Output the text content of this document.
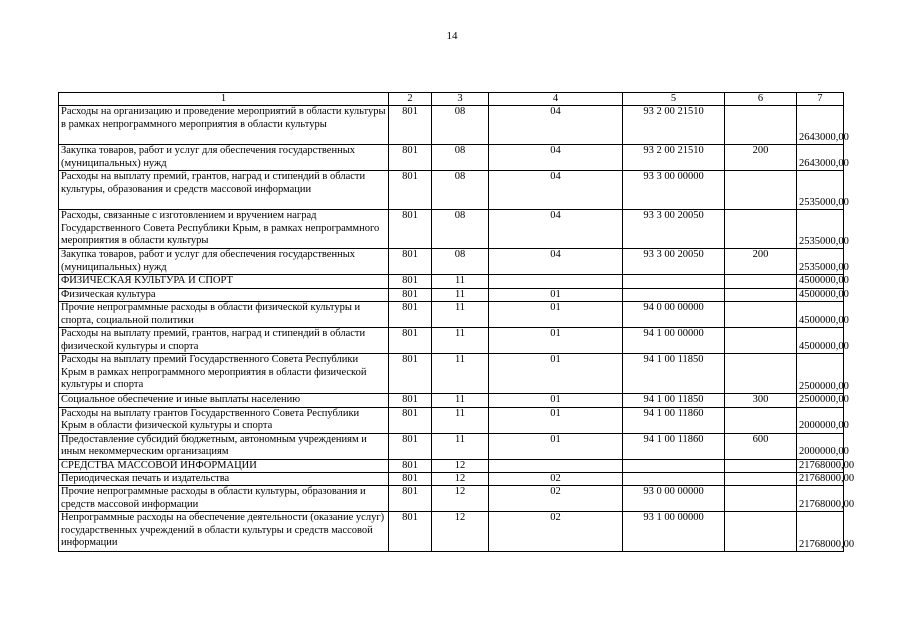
14
1	2	3	4	5	6	7
Расходы на организацию и проведение мероприятий в области культуры в рамках непрограммного мероприятия в области культуры	801	08	04	93 2 00 21510		2643000,00
Закупка товаров, работ и услуг для обеспечения государственных (муниципальных) нужд	801	08	04	93 2 00 21510	200	2643000,00
Расходы на выплату премий, грантов, наград и стипендий в области культуры, образования и средств массовой информации	801	08	04	93 3 00 00000		2535000,00
Расходы, связанные с изготовлением и вручением наград Государственного Совета Республики Крым, в рамках непрограммного мероприятия в области культуры	801	08	04	93 3 00 20050		2535000,00
Закупка товаров, работ и услуг для обеспечения государственных (муниципальных) нужд	801	08	04	93 3 00 20050	200	2535000,00
ФИЗИЧЕСКАЯ КУЛЬТУРА И СПОРТ	801	11				4500000,00
Физическая культура	801	11	01			4500000,00
Прочие непрограммные расходы в области физической культуры и спорта, социальной политики	801	11	01	94 0 00 00000		4500000,00
Расходы на выплату премий, грантов, наград и стипендий в области физической культуры и спорта	801	11	01	94 1 00 00000		4500000,00
Расходы на выплату премий Государственного Совета Республики Крым в рамках непрограммного мероприятия в области физической культуры и спорта	801	11	01	94 1 00 11850		2500000,00
Социальное обеспечение и иные выплаты населению	801	11	01	94 1 00 11850	300	2500000,00
Расходы на выплату грантов Государственного Совета Республики Крым в области физической культуры и спорта	801	11	01	94 1 00 11860		2000000,00
Предоставление субсидий бюджетным, автономным учреждениям и иным некоммерческим организациям	801	11	01	94 1 00 11860	600	2000000,00
СРЕДСТВА МАССОВОЙ ИНФОРМАЦИИ	801	12				21768000,00
Периодическая печать и издательства	801	12	02			21768000,00
Прочие непрограммные расходы в области культуры, образования и средств массовой информации	801	12	02	93 0 00 00000		21768000,00
Непрограммные расходы на обеспечение деятельности (оказание услуг) государственных учреждений в области культуры и средств массовой информации	801	12	02	93 1 00 00000		21768000,00
